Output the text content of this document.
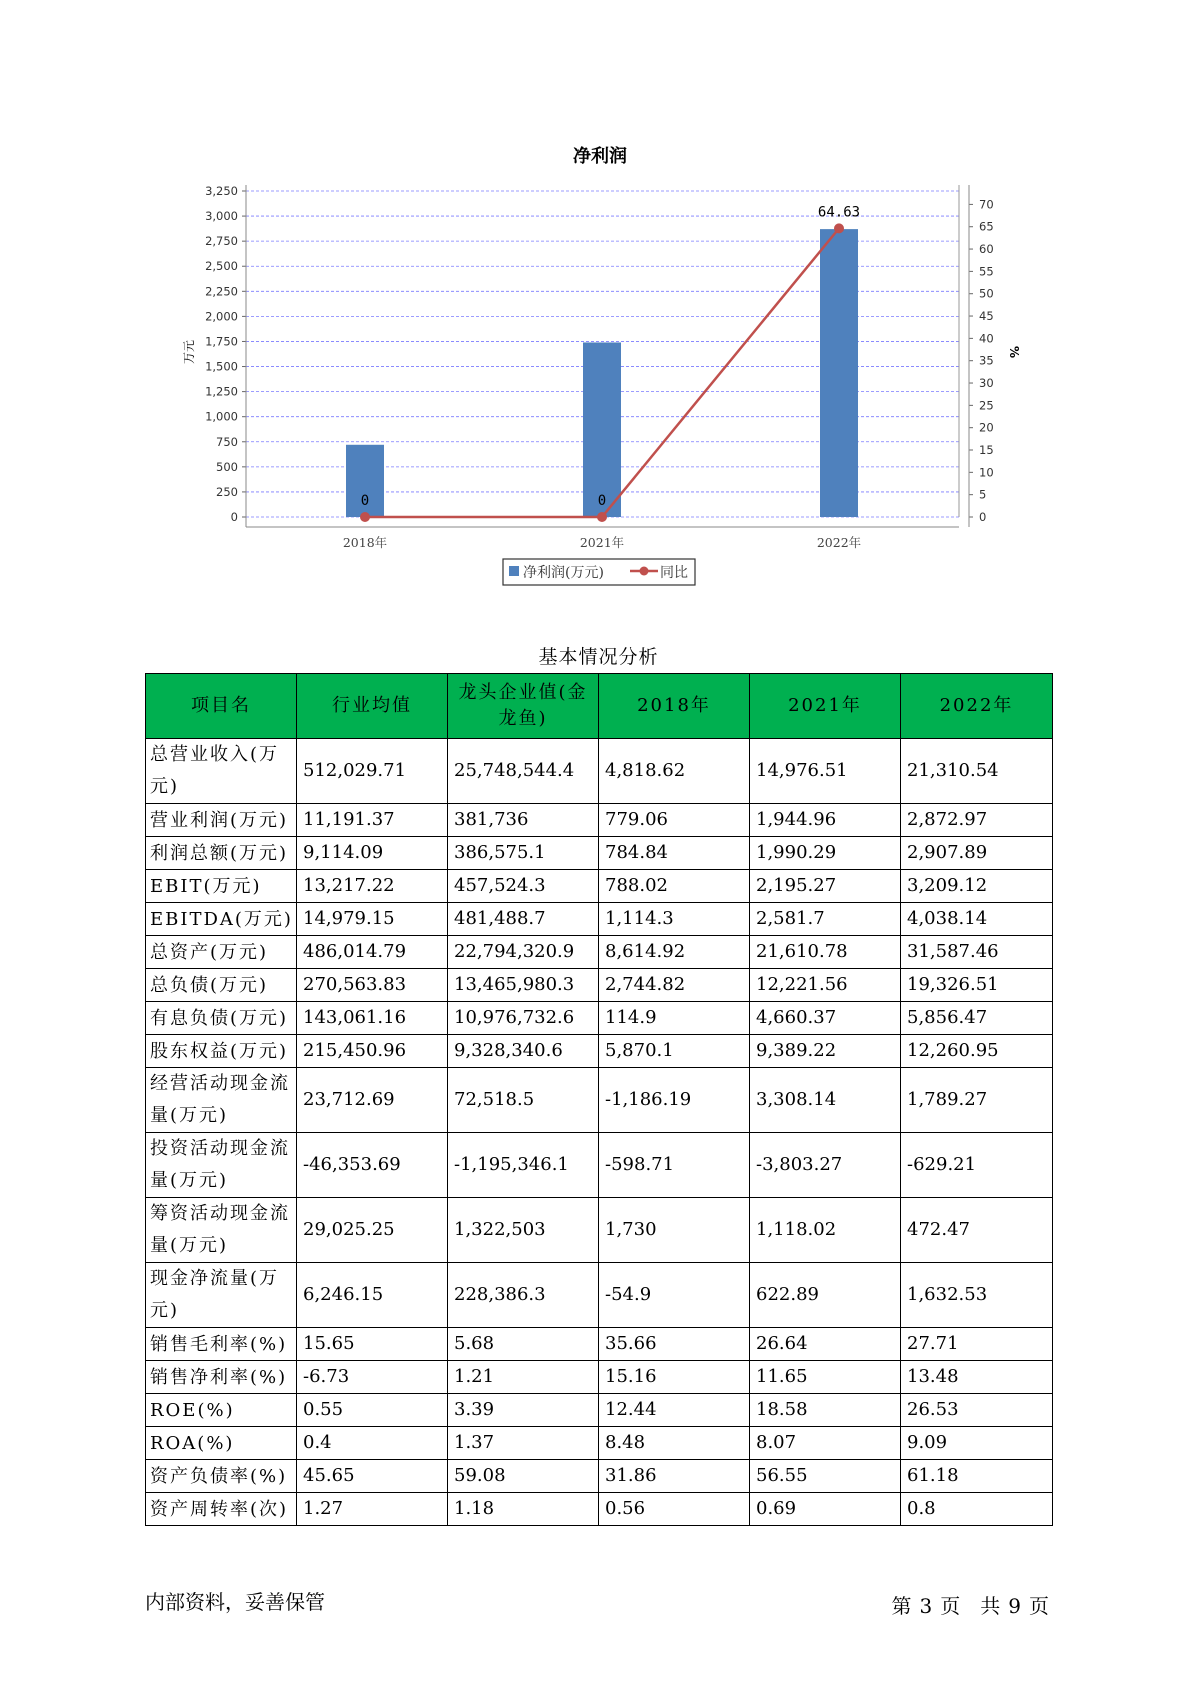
净利润
0
250
500
750
1,000
1,250
1,500
1,750
2,000
2,250
2,500
2,750
3,000
3,250
0
5
10
15
20
25
30
35
40
45
50
55
60
65
70
万元	%
2018年	2021年	2022年
0	0
64.63
净利润(万元)	同比
基本情况分析
项目名	行业均值	龙头企业值(金龙鱼)	2018年	2021年	2022年
总营业收入(万元)	512,029.71	25,748,544.4	4,818.62	14,976.51	21,310.54
营业利润(万元)	11,191.37	381,736	779.06	1,944.96	2,872.97
利润总额(万元)	9,114.09	386,575.1	784.84	1,990.29	2,907.89
EBIT(万元)	13,217.22	457,524.3	788.02	2,195.27	3,209.12
EBITDA(万元)	14,979.15	481,488.7	1,114.3	2,581.7	4,038.14
总资产(万元)	486,014.79	22,794,320.9	8,614.92	21,610.78	31,587.46
总负债(万元)	270,563.83	13,465,980.3	2,744.82	12,221.56	19,326.51
有息负债(万元)	143,061.16	10,976,732.6	114.9	4,660.37	5,856.47
股东权益(万元)	215,450.96	9,328,340.6	5,870.1	9,389.22	12,260.95
经营活动现金流量(万元)	23,712.69	72,518.5	-1,186.19	3,308.14	1,789.27
投资活动现金流量(万元)	-46,353.69	-1,195,346.1	-598.71	-3,803.27	-629.21
筹资活动现金流量(万元)	29,025.25	1,322,503	1,730	1,118.02	472.47
现金净流量(万元)	6,246.15	228,386.3	-54.9	622.89	1,632.53
销售毛利率(%)	15.65	5.68	35.66	26.64	27.71
销售净利率(%)	-6.73	1.21	15.16	11.65	13.48
ROE(%)	0.55	3.39	12.44	18.58	26.53
ROA(%)	0.4	1.37	8.48	8.07	9.09
资产负债率(%)	45.65	59.08	31.86	56.55	61.18
资产周转率(次)	1.27	1.18	0.56	0.69	0.8
内部资料，妥善保管	第 3 页　共 9 页
